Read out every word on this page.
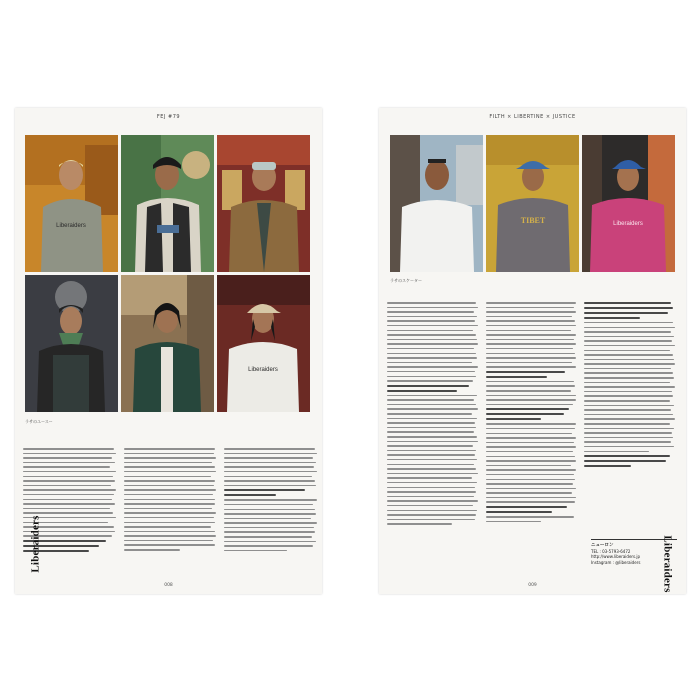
FEJ #79
Liberaiders
Liberaiders
ラサのユースー
Liberaiders
008
FILTH × LIBERTINE × JUSTICE
TIBET	Liberaiders
ラサのスケーター
ニューロン
TEL : 03-5793-6472
http://www.liberaiders.jp
Instagram : @liberaiders	Liberaiders
009
